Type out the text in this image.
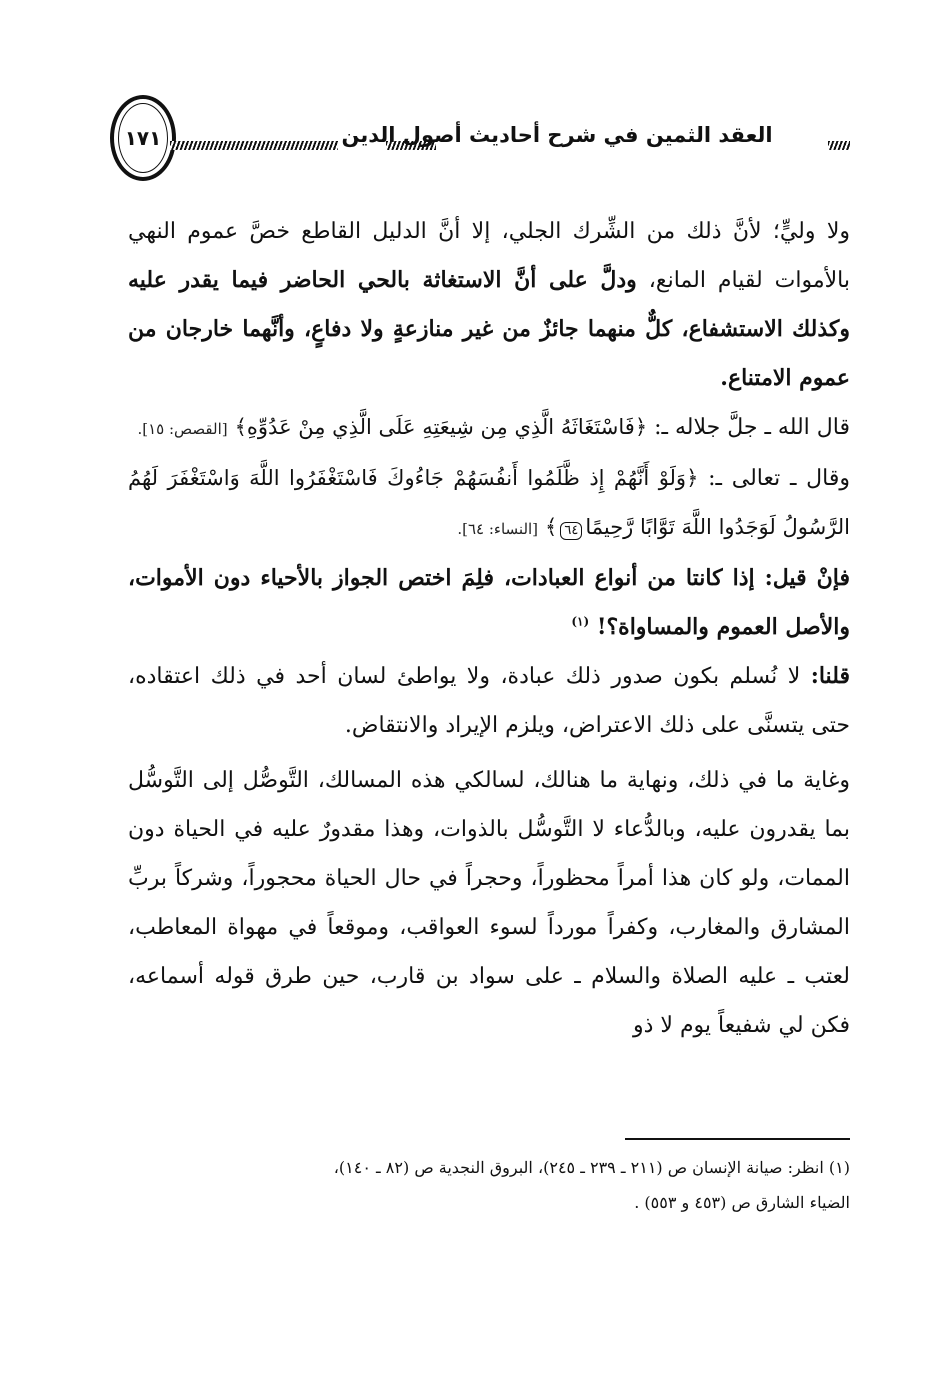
١٧١	العقد الثمين في شرح أحاديث أصول الدين

ولا وليٍّ؛ لأنَّ ذلك من الشِّرك الجلي، إلا أنَّ الدليل القاطع خصَّ عموم النهي بالأموات لقيام المانع، ودلَّ على أنَّ الاستغاثة بالحي الحاضر فيما يقدر عليه وكذلك الاستشفاع، كلٌّ منهما جائزٌ من غير منازعةٍ ولا دفاعٍ، وأنَّهما خارجان من عموم الامتناع.

قال الله ـ جلَّ جلاله ـ: ﴿فَاسْتَغَاثَهُ الَّذِي مِن شِيعَتِهِ عَلَى الَّذِي مِنْ عَدُوِّهِ﴾ [القصص: ١٥].

وقال ـ تعالى ـ: ﴿وَلَوْ أَنَّهُمْ إِذ ظَّلَمُوا أَنفُسَهُمْ جَاءُوكَ فَاسْتَغْفَرُوا اللَّهَ وَاسْتَغْفَرَ لَهُمُ الرَّسُولُ لَوَجَدُوا اللَّهَ تَوَّابًا رَّحِيمًا٦٤﴾ [النساء: ٦٤].

فإنْ قيل: إذا كانتا من أنواع العبادات، فلِمَ اختص الجواز بالأحياء دون الأموات، والأصل العموم والمساواة؟! $^{(١)}$

قلنا: لا نُسلم بكون صدور ذلك عبادة، ولا يواطئ لسان أحد في ذلك اعتقاده، حتى يتسنَّى على ذلك الاعتراض، ويلزم الإيراد والانتقاض.

وغاية ما في ذلك، ونهاية ما هنالك، لسالكي هذه المسالك، التَّوصُّل إلى التَّوسُّل بما يقدرون عليه، وبالدُّعاء لا التَّوسُّل بالذوات، وهذا مقدورٌ عليه في الحياة دون الممات، ولو كان هذا أمراً محظوراً، وحجراً في حال الحياة محجوراً، وشركاً بربِّ المشارق والمغارب، وكفراً مورداً لسوء العواقب، وموقعاً في مهواة المعاطب، لعتب ـ عليه الصلاة والسلام ـ على سواد بن قارب، حين طرق قوله أسماعه، فكن لي شفيعاً يوم لا ذو

(١) انظر: صيانة الإنسان ص (٢١١ ـ ٢٣٩ ـ ٢٤٥)، البروق النجدية ص (٨٢ ـ ١٤٠)،

الضياء الشارق ص (٤٥٣ و ٥٥٣) .
